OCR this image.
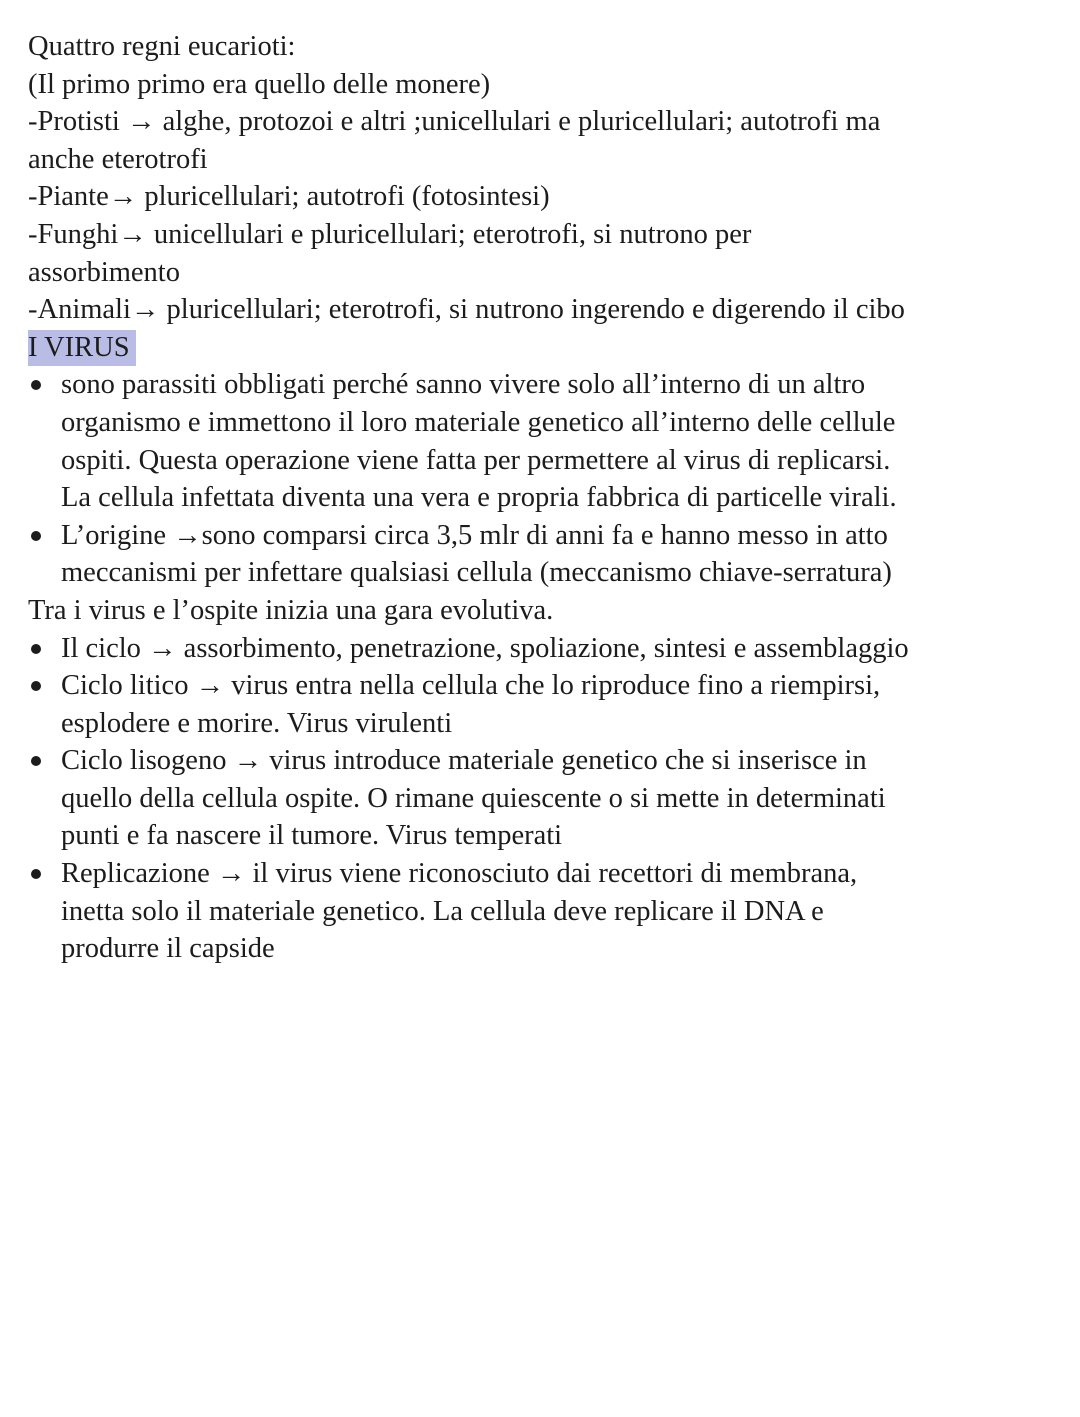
Quattro regni eucarioti:
(Il primo primo era quello delle monere)
-Protisti → alghe, protozoi e altri ;unicellulari e pluricellulari; autotrofi ma
anche eterotrofi
-Piante→ pluricellulari; autotrofi (fotosintesi)
-Funghi→ unicellulari e pluricellulari; eterotrofi, si nutrono per
assorbimento
-Animali→ pluricellulari; eterotrofi, si nutrono ingerendo e digerendo il cibo
I VIRUS
sono parassiti obbligati perché sanno vivere solo all’interno di un altro
organismo e immettono il loro materiale genetico all’interno delle cellule
ospiti. Questa operazione viene fatta per permettere al virus di replicarsi.
La cellula infettata diventa una vera e propria fabbrica di particelle virali.
L’origine →sono comparsi circa 3,5 mlr di anni fa e hanno messo in atto
meccanismi per infettare qualsiasi cellula (meccanismo chiave-serratura)
Tra i virus e l’ospite inizia una gara evolutiva.
Il ciclo → assorbimento, penetrazione, spoliazione, sintesi e assemblaggio
Ciclo litico → virus entra nella cellula che lo riproduce fino a riempirsi,
esplodere e morire. Virus virulenti
Ciclo lisogeno → virus introduce materiale genetico che si inserisce in
quello della cellula ospite. O rimane quiescente o si mette in determinati
punti e fa nascere il tumore. Virus temperati
Replicazione → il virus viene riconosciuto dai recettori di membrana,
inetta solo il materiale genetico. La cellula deve replicare il DNA e
produrre il capside
